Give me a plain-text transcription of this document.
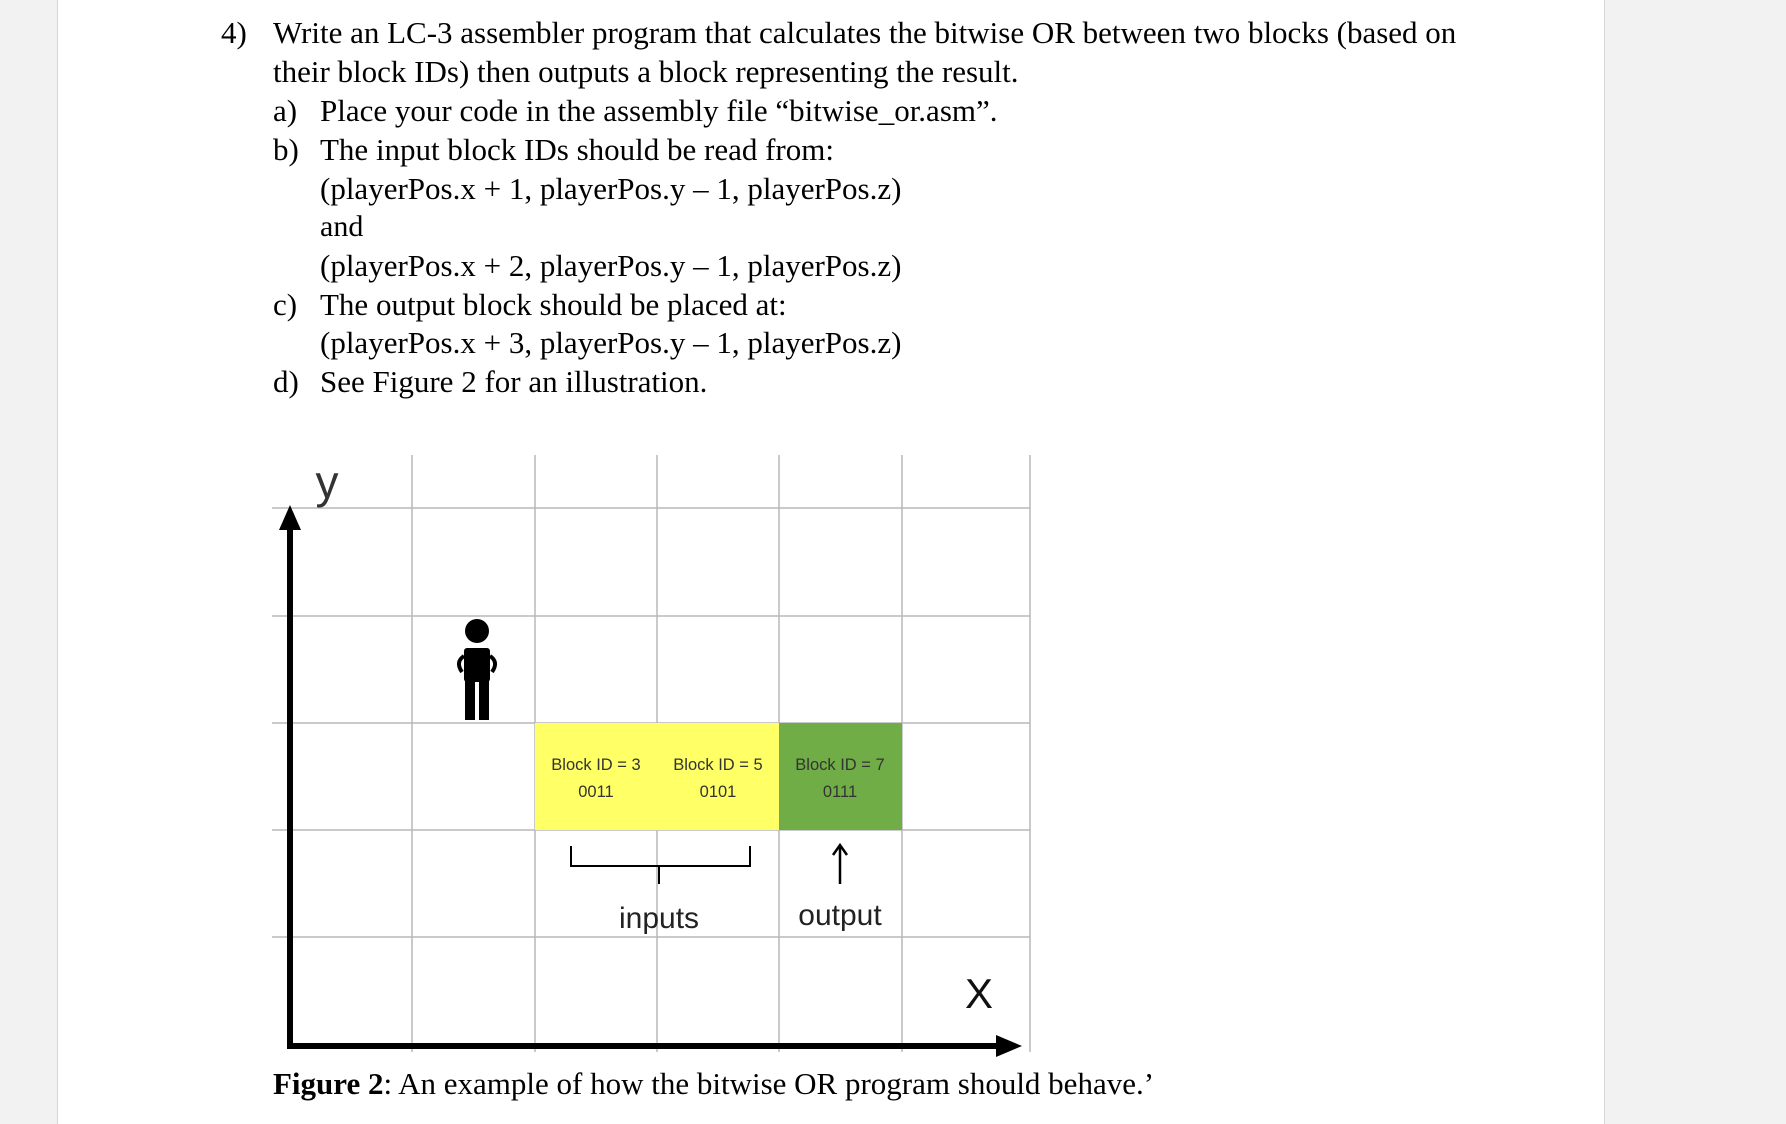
4) Write an LC-3 assembler program that calculates the bitwise OR between two blocks (based on
their block IDs) then outputs a block representing the result.
a) Place your code in the assembly file “bitwise_or.asm”.
b) The input block IDs should be read from:
(playerPos.x + 1, playerPos.y – 1, playerPos.z)
and
(playerPos.x + 2, playerPos.y – 1, playerPos.z)
c) The output block should be placed at:
(playerPos.x + 3, playerPos.y – 1, playerPos.z)
d) See Figure 2 for an illustration.
Figure 2: An example of how the bitwise OR program should behave.’
Block ID = 3
0011
Block ID = 5
0101
Block ID = 7
0111
inputs	output
y
X
